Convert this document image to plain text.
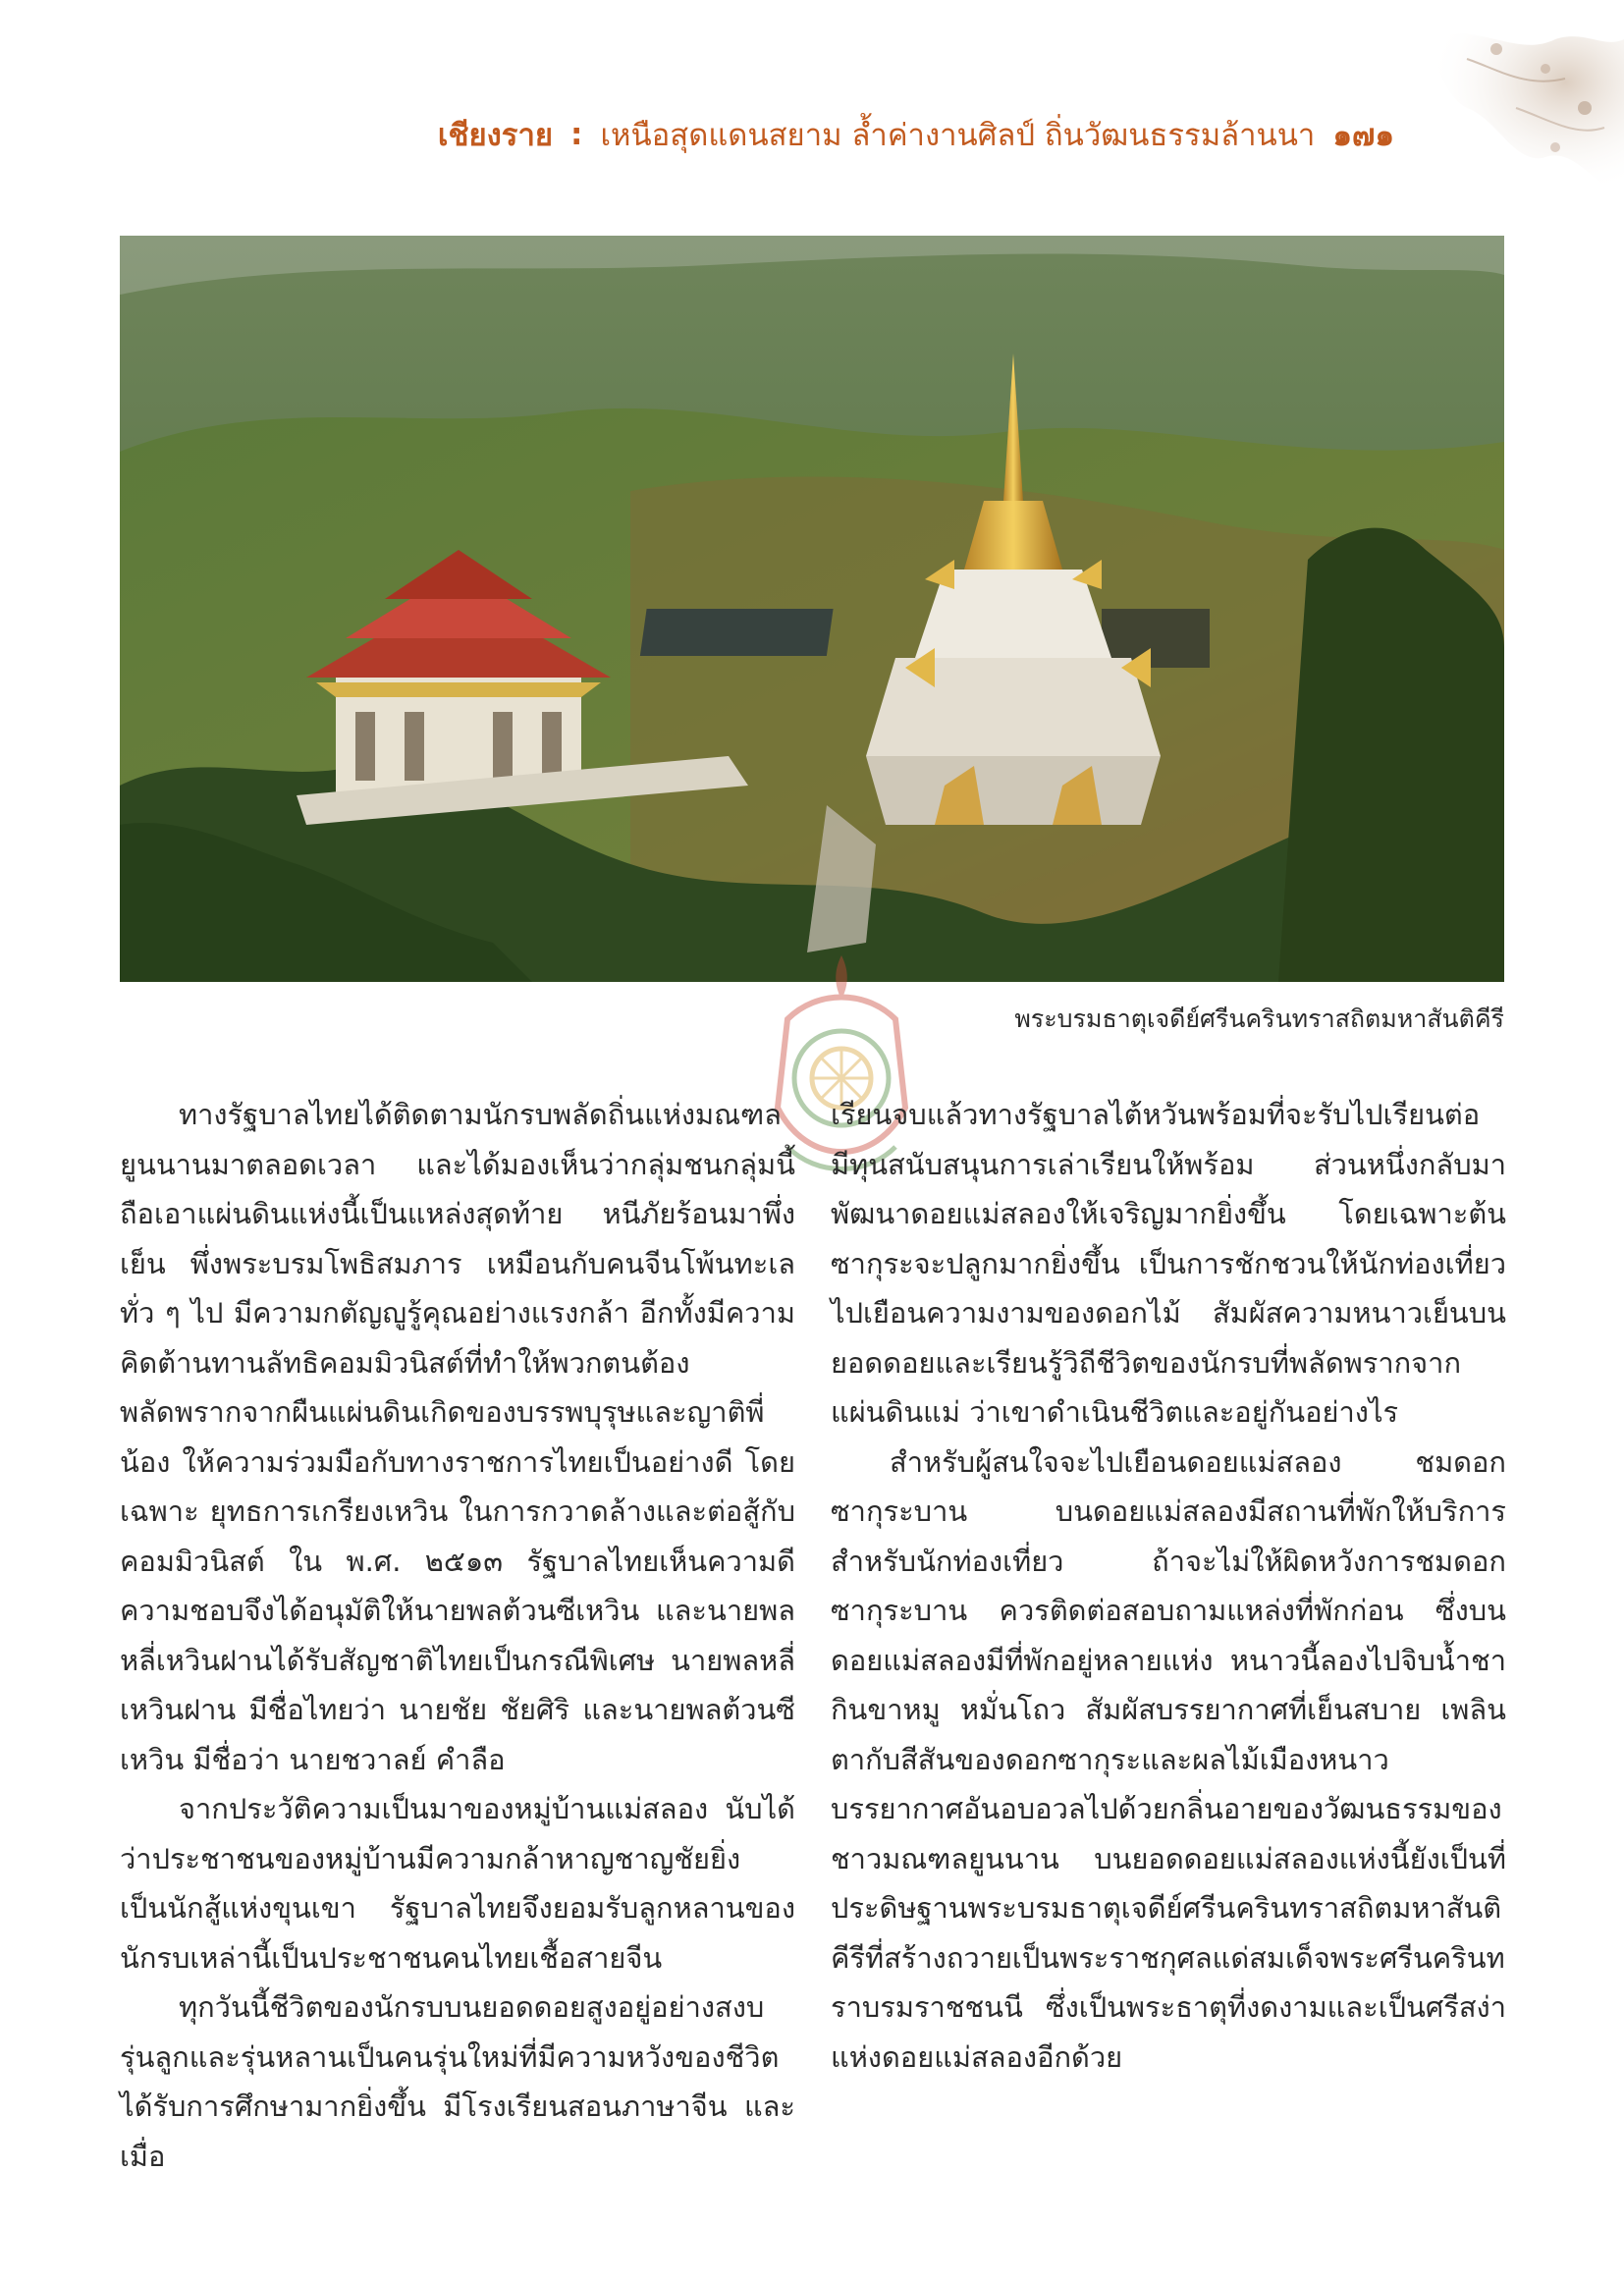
เชียงราย : เหนือสุดแดนสยาม ล้ำค่างานศิลป์ ถิ่นวัฒนธรรมล้านนา ๑๗๑
พระบรมธาตุเจดีย์ศรีนครินทราสถิตมหาสันติคีรี

ทางรัฐบาลไทยได้ติดตามนักรบพลัดถิ่นแห่งมณฑลยูนนานมาตลอดเวลา และได้มองเห็นว่ากลุ่มชนกลุ่มนี้ ถือเอาแผ่นดินแห่งนี้เป็นแหล่งสุดท้าย หนีภัยร้อนมาพึ่งเย็น พึ่งพระบรมโพธิสมภาร เหมือนกับคนจีนโพ้นทะเลทั่ว ๆ ไป มีความกตัญญูรู้คุณอย่างแรงกล้า อีกทั้งมีความคิดต้านทานลัทธิคอมมิวนิสต์ที่ทำให้พวกตนต้องพลัดพรากจากผืนแผ่นดินเกิดของบรรพบุรุษและญาติพี่น้อง ให้ความร่วมมือกับทางราชการไทยเป็นอย่างดี โดยเฉพาะ ยุทธการเกรียงเหวิน ในการกวาดล้างและต่อสู้กับคอมมิวนิสต์ ใน พ.ศ. ๒๕๑๓ รัฐบาลไทยเห็นความดีความชอบจึงได้อนุมัติให้นายพลต้วนซีเหวิน และนายพลหลี่เหวินฝานได้รับสัญชาติไทยเป็นกรณีพิเศษ นายพลหลี่เหวินฝาน มีชื่อไทยว่า นายชัย ชัยศิริ และนายพลต้วนซีเหวิน มีชื่อว่า นายชวาลย์ คำลือ

จากประวัติความเป็นมาของหมู่บ้านแม่สลอง นับได้ว่าประชาชนของหมู่บ้านมีความกล้าหาญชาญชัยยิ่ง เป็นนักสู้แห่งขุนเขา รัฐบาลไทยจึงยอมรับลูกหลานของนักรบเหล่านี้เป็นประชาชนคนไทยเชื้อสายจีน

ทุกวันนี้ชีวิตของนักรบบนยอดดอยสูงอยู่อย่างสงบ รุ่นลูกและรุ่นหลานเป็นคนรุ่นใหม่ที่มีความหวังของชีวิต ได้รับการศึกษามากยิ่งขึ้น มีโรงเรียนสอนภาษาจีน และเมื่อ

เรียนจบแล้วทางรัฐบาลไต้หวันพร้อมที่จะรับไปเรียนต่อ มีทุนสนับสนุนการเล่าเรียนให้พร้อม ส่วนหนึ่งกลับมาพัฒนาดอยแม่สลองให้เจริญมากยิ่งขึ้น โดยเฉพาะต้นซากุระจะปลูกมากยิ่งขึ้น เป็นการชักชวนให้นักท่องเที่ยวไปเยือนความงามของดอกไม้ สัมผัสความหนาวเย็นบนยอดดอยและเรียนรู้วิถีชีวิตของนักรบที่พลัดพรากจากแผ่นดินแม่ ว่าเขาดำเนินชีวิตและอยู่กันอย่างไร

สำหรับผู้สนใจจะไปเยือนดอยแม่สลอง ชมดอกซากุระบาน บนดอยแม่สลองมีสถานที่พักให้บริการสำหรับนักท่องเที่ยว ถ้าจะไม่ให้ผิดหวังการชมดอกซากุระบาน ควรติดต่อสอบถามแหล่งที่พักก่อน ซึ่งบนดอยแม่สลองมีที่พักอยู่หลายแห่ง หนาวนี้ลองไปจิบน้ำชา กินขาหมู หมั่นโถว สัมผัสบรรยากาศที่เย็นสบาย เพลินตากับสีสันของดอกซากุระและผลไม้เมืองหนาว บรรยากาศอันอบอวลไปด้วยกลิ่นอายของวัฒนธรรมของชาวมณฑลยูนนาน บนยอดดอยแม่สลองแห่งนี้ยังเป็นที่ประดิษฐานพระบรมธาตุเจดีย์ศรีนครินทราสถิตมหาสันติคีรีที่สร้างถวายเป็นพระราชกุศลแด่สมเด็จพระศรีนครินทราบรมราชชนนี ซึ่งเป็นพระธาตุที่งดงามและเป็นศรีสง่าแห่งดอยแม่สลองอีกด้วย
